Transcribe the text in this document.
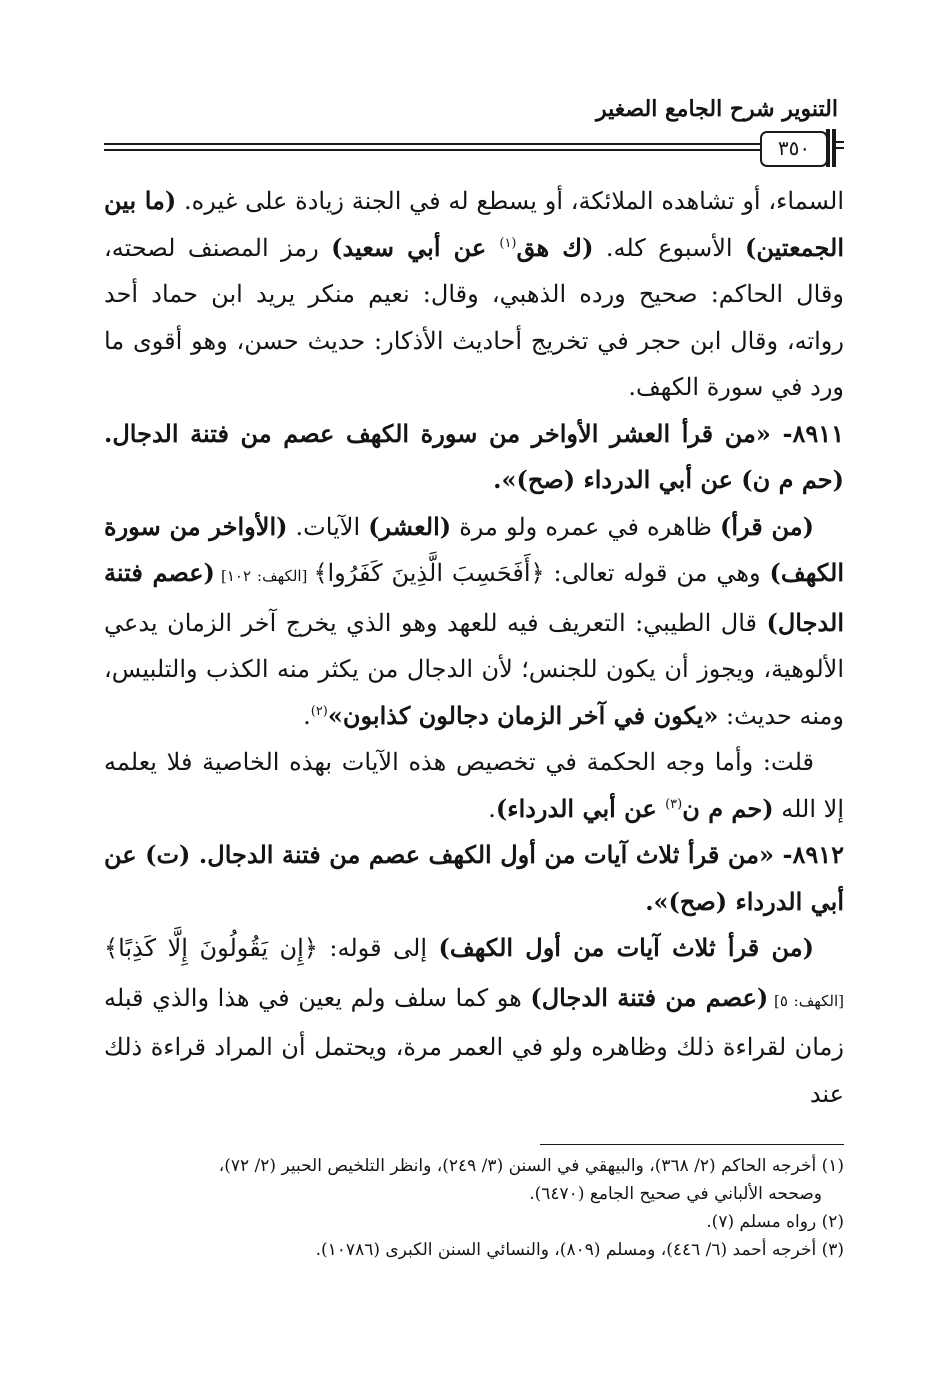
التنوير شرح الجامع الصغير
٣٥٠

السماء، أو تشاهده الملائكة، أو يسطع له في الجنة زيادة على غيره. (ما بين الجمعتين) الأسبوع كله. (ك هق$^{(١)}$ عن أبي سعيد) رمز المصنف لصحته، وقال الحاكم: صحيح ورده الذهبي، وقال: نعيم منكر يريد ابن حماد أحد رواته، وقال ابن حجر في تخريج أحاديث الأذكار: حديث حسن، وهو أقوى ما ورد في سورة الكهف.

٨٩١١- «من قرأ العشر الأواخر من سورة الكهف عصم من فتنة الدجال. (حم م ن) عن أبي الدرداء (صح)».

(من قرأ) ظاهره في عمره ولو مرة (العشر) الآيات. (الأواخر من سورة الكهف) وهي من قوله تعالى: ﴿أَفَحَسِبَ الَّذِينَ كَفَرُوا﴾ [الكهف: ١٠٢] (عصم فتنة الدجال) قال الطيبي: التعريف فيه للعهد وهو الذي يخرج آخر الزمان يدعي الألوهية، ويجوز أن يكون للجنس؛ لأن الدجال من يكثر منه الكذب والتلبيس، ومنه حديث: «يكون في آخر الزمان دجالون كذابون»$^{(٢)}$.

قلت: وأما وجه الحكمة في تخصيص هذه الآيات بهذه الخاصية فلا يعلمه إلا الله (حم م ن$^{(٣)}$ عن أبي الدرداء).

٨٩١٢- «من قرأ ثلاث آيات من أول الكهف عصم من فتنة الدجال. (ت) عن أبي الدرداء (صح)».

(من قرأ ثلاث آيات من أول الكهف) إلى قوله: ﴿إِن يَقُولُونَ إِلَّا كَذِبًا﴾ [الكهف: ٥] (عصم من فتنة الدجال) هو كما سلف ولم يعين في هذا والذي قبله زمان لقراءة ذلك وظاهره ولو في العمر مرة، ويحتمل أن المراد قراءة ذلك عند

(١) أخرجه الحاكم (٢/ ٣٦٨)، والبيهقي في السنن (٣/ ٢٤٩)، وانظر التلخيص الحبير (٢/ ٧٢)،

وصححه الألباني في صحيح الجامع (٦٤٧٠).

(٢) رواه مسلم (٧).

(٣) أخرجه أحمد (٦/ ٤٤٦)، ومسلم (٨٠٩)، والنسائي السنن الكبرى (١٠٧٨٦).
